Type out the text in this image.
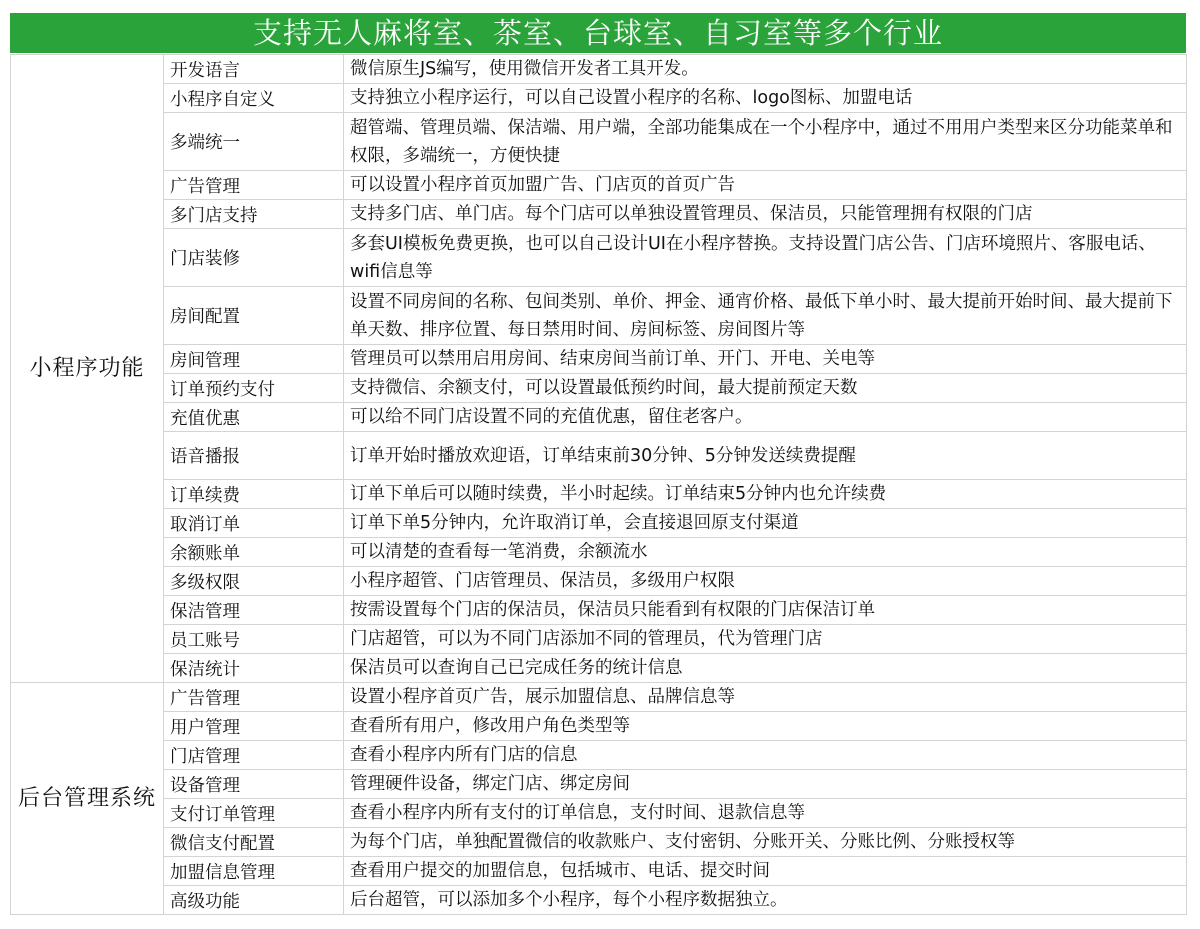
支持无人麻将室、茶室、台球室、自习室等多个行业
小程序功能	开发语言	微信原生JS编写，使用微信开发者工具开发。
	小程序自定义	支持独立小程序运行，可以自己设置小程序的名称、logo图标、加盟电话
	多端统一	超管端、管理员端、保洁端、用户端，全部功能集成在一个小程序中，通过不用用户类型来区分功能菜单和权限，多端统一，方便快捷
	广告管理	可以设置小程序首页加盟广告、门店页的首页广告
	多门店支持	支持多门店、单门店。每个门店可以单独设置管理员、保洁员，只能管理拥有权限的门店
	门店装修	多套UI模板免费更换，也可以自己设计UI在小程序替换。支持设置门店公告、门店环境照片、客服电话、wifi信息等
	房间配置	设置不同房间的名称、包间类别、单价、押金、通宵价格、最低下单小时、最大提前开始时间、最大提前下单天数、排序位置、每日禁用时间、房间标签、房间图片等
	房间管理	管理员可以禁用启用房间、结束房间当前订单、开门、开电、关电等
	订单预约支付	支持微信、余额支付，可以设置最低预约时间，最大提前预定天数
	充值优惠	可以给不同门店设置不同的充值优惠，留住老客户。
	语音播报	订单开始时播放欢迎语，订单结束前30分钟、5分钟发送续费提醒
	订单续费	订单下单后可以随时续费，半小时起续。订单结束5分钟内也允许续费
	取消订单	订单下单5分钟内，允许取消订单，会直接退回原支付渠道
	余额账单	可以清楚的查看每一笔消费，余额流水
	多级权限	小程序超管、门店管理员、保洁员，多级用户权限
	保洁管理	按需设置每个门店的保洁员，保洁员只能看到有权限的门店保洁订单
	员工账号	门店超管，可以为不同门店添加不同的管理员，代为管理门店
	保洁统计	保洁员可以查询自己已完成任务的统计信息
后台管理系统	广告管理	设置小程序首页广告，展示加盟信息、品牌信息等
	用户管理	查看所有用户，修改用户角色类型等
	门店管理	查看小程序内所有门店的信息
	设备管理	管理硬件设备，绑定门店、绑定房间
	支付订单管理	查看小程序内所有支付的订单信息，支付时间、退款信息等
	微信支付配置	为每个门店，单独配置微信的收款账户、支付密钥、分账开关、分账比例、分账授权等
	加盟信息管理	查看用户提交的加盟信息，包括城市、电话、提交时间
	高级功能	后台超管，可以添加多个小程序，每个小程序数据独立。
